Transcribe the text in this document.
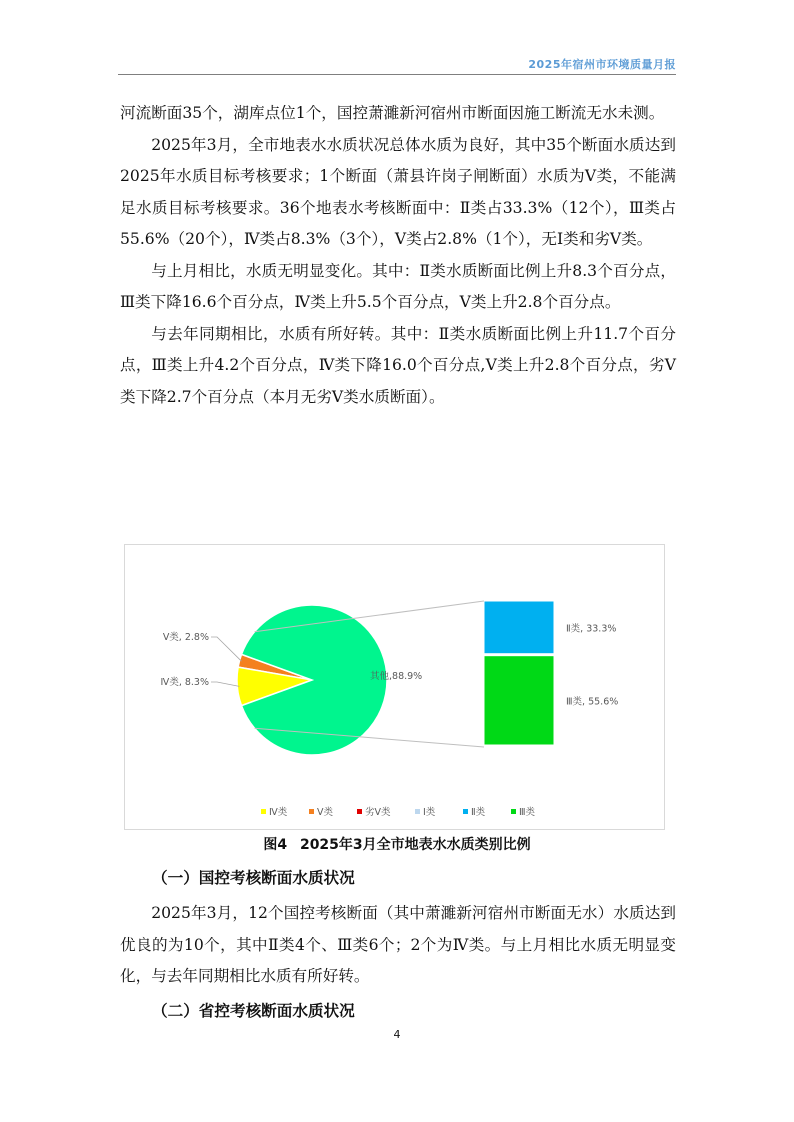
2025年宿州市环境质量月报

河流断面35个，湖库点位1个，国控萧濉新河宿州市断面因施工断流无水未测。

2025年3月，全市地表水水质状况总体水质为良好，其中35个断面水质达到2025年水质目标考核要求；1个断面（萧县许岗子闸断面）水质为Ⅴ类，不能满足水质目标考核要求。36个地表水考核断面中：Ⅱ类占33.3%（12个），Ⅲ类占55.6%（20个），Ⅳ类占8.3%（3个），Ⅴ类占2.8%（1个），无Ⅰ类和劣Ⅴ类。

与上月相比，水质无明显变化。其中：Ⅱ类水质断面比例上升8.3个百分点，Ⅲ类下降16.6个百分点，Ⅳ类上升5.5个百分点，Ⅴ类上升2.8个百分点。

与去年同期相比，水质有所好转。其中：Ⅱ类水质断面比例上升11.7个百分点，Ⅲ类上升4.2个百分点，Ⅳ类下降16.0个百分点,Ⅴ类上升2.8个百分点，劣Ⅴ类下降2.7个百分点（本月无劣Ⅴ类水质断面）。

Ⅴ类, 2.8%
Ⅳ类, 8.3%
其他,88.9%
Ⅱ类, 33.3%
Ⅲ类, 55.6%
Ⅳ类	Ⅴ类	劣Ⅴ类	Ⅰ类	Ⅱ类	Ⅲ类
图4 2025年3月全市地表水水质类别比例
（一）国控考核断面水质状况

2025年3月，12个国控考核断面（其中萧濉新河宿州市断面无水）水质达到优良的为10个，其中Ⅱ类4个、Ⅲ类6个；2个为Ⅳ类。与上月相比水质无明显变化，与去年同期相比水质有所好转。

（二）省控考核断面水质状况
4
